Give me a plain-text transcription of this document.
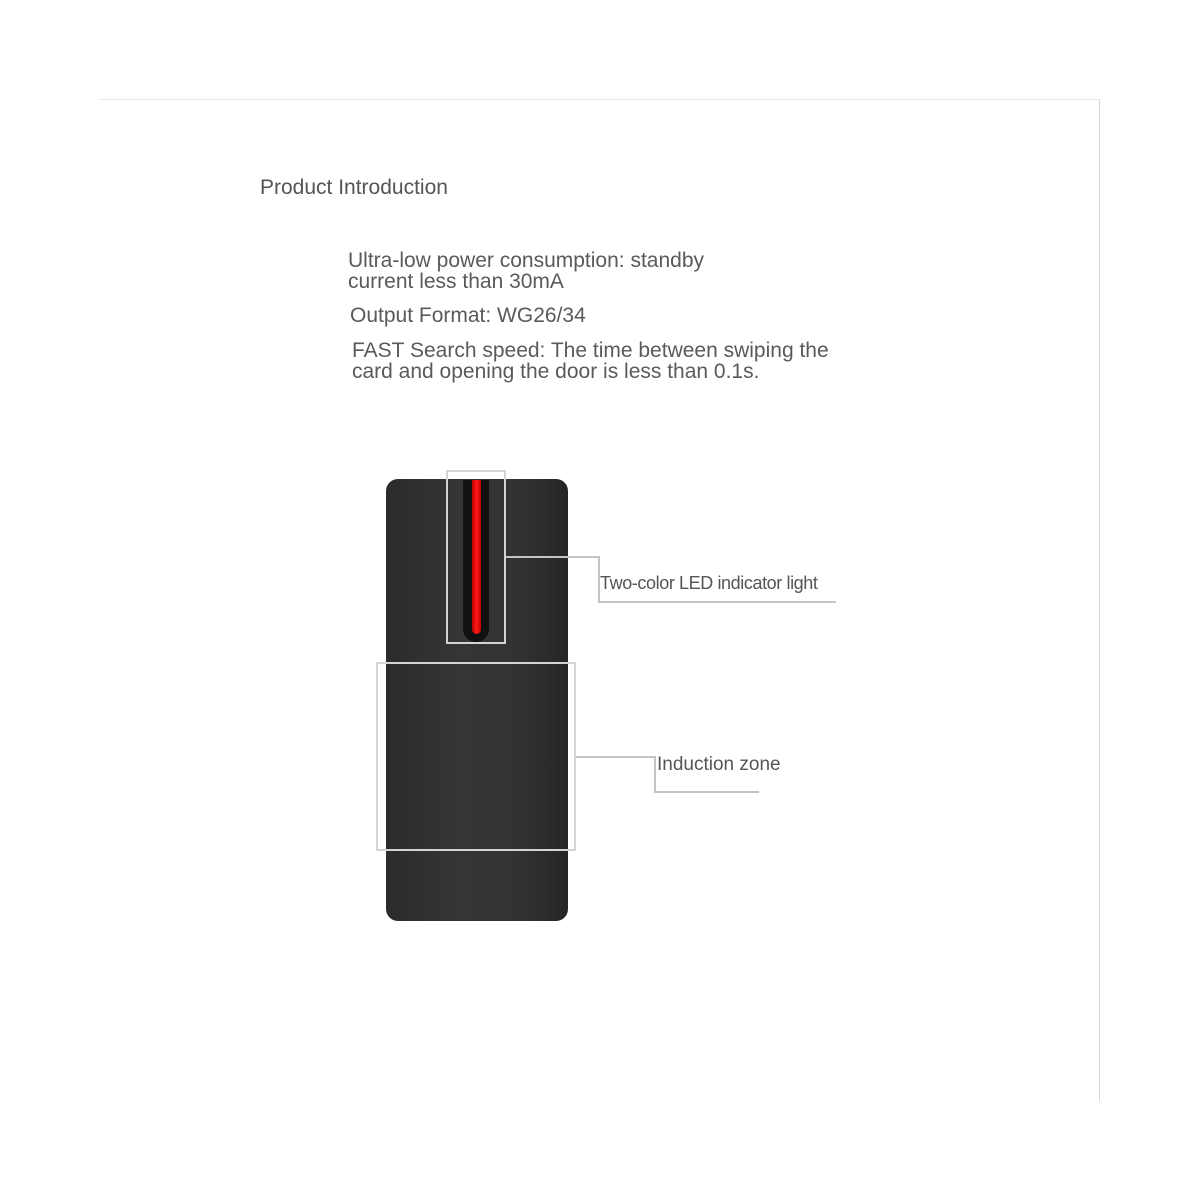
Product Introduction
Ultra-low power consumption: standby
current less than 30mA
Output Format: WG26/34
FAST Search speed: The time between swiping the
card and opening the door is less than 0.1s.
Two-color LED indicator light
Induction zone
